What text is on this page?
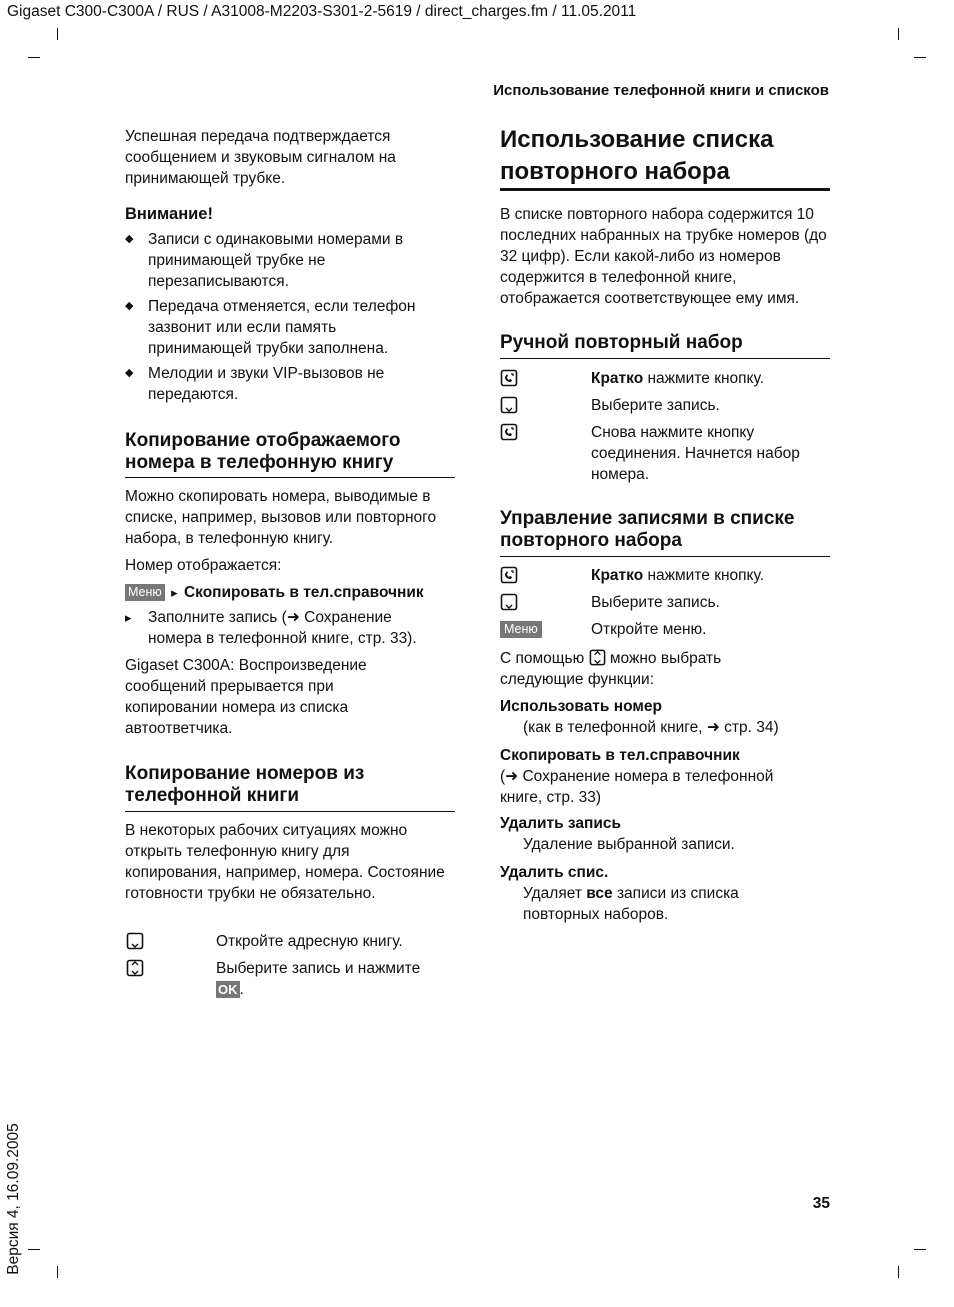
Gigaset C300-C300A / RUS / A31008-M2203-S301-2-5619 / direct_charges.fm / 11.05.2011
Использование телефонной книги и списков
Версия 4, 16.09.2005	35
Успешная передача подтверждается сообщением и звуковым сигналом на принимающей трубке.
Внимание!
◆ Записи с одинаковыми номерами в принимающей трубке не перезаписываются.
◆ Передача отменяется, если телефон зазвонит или если память принимающей трубки заполнена.
◆ Мелодии и звуки VIP-вызовов не передаются.
Копирование отображаемого номера в телефонную книгу
Можно скопировать номера, выводимые в списке, например, вызовов или повторного набора, в телефонную книгу.
Номер отображается:
Меню ▸ Скопировать в тел.справочник
▸ Заполните запись (➜ Сохранение номера в телефонной книге, стр. 33).
Gigaset C300A: Воспроизведение сообщений прерывается при копировании номера из списка автоответчика.
Копирование номеров из телефонной книги
В некоторых рабочих ситуациях можно открыть телефонную книгу для копирования, например, номера. Состояние готовности трубки не обязательно.
Откройте адресную книгу.
Выберите запись и нажмите
OK .
Использование списка повторного набора
В списке повторного набора содержится 10 последних набранных на трубке номеров (до 32 цифр). Если какой-либо из номеров содержится в телефонной книге, отображается соответствующее ему имя.
Ручной повторный набор
Кратко нажмите кнопку.
Выберите запись.
Снова нажмите кнопку соединения. Начнется набор номера.
Управление записями в списке повторного набора
Кратко нажмите кнопку.
Выберите запись.
Меню	Откройте меню.
С помощью можно выбрать следующие функции:
Использовать номер
(как в телефонной книге, ➜ стр. 34)
Скопировать в тел.справочник
(➜ Сохранение номера в телефонной книге, стр. 33)
Удалить запись
Удаление выбранной записи.
Удалить спис.
Удаляет все записи из списка повторных наборов.
